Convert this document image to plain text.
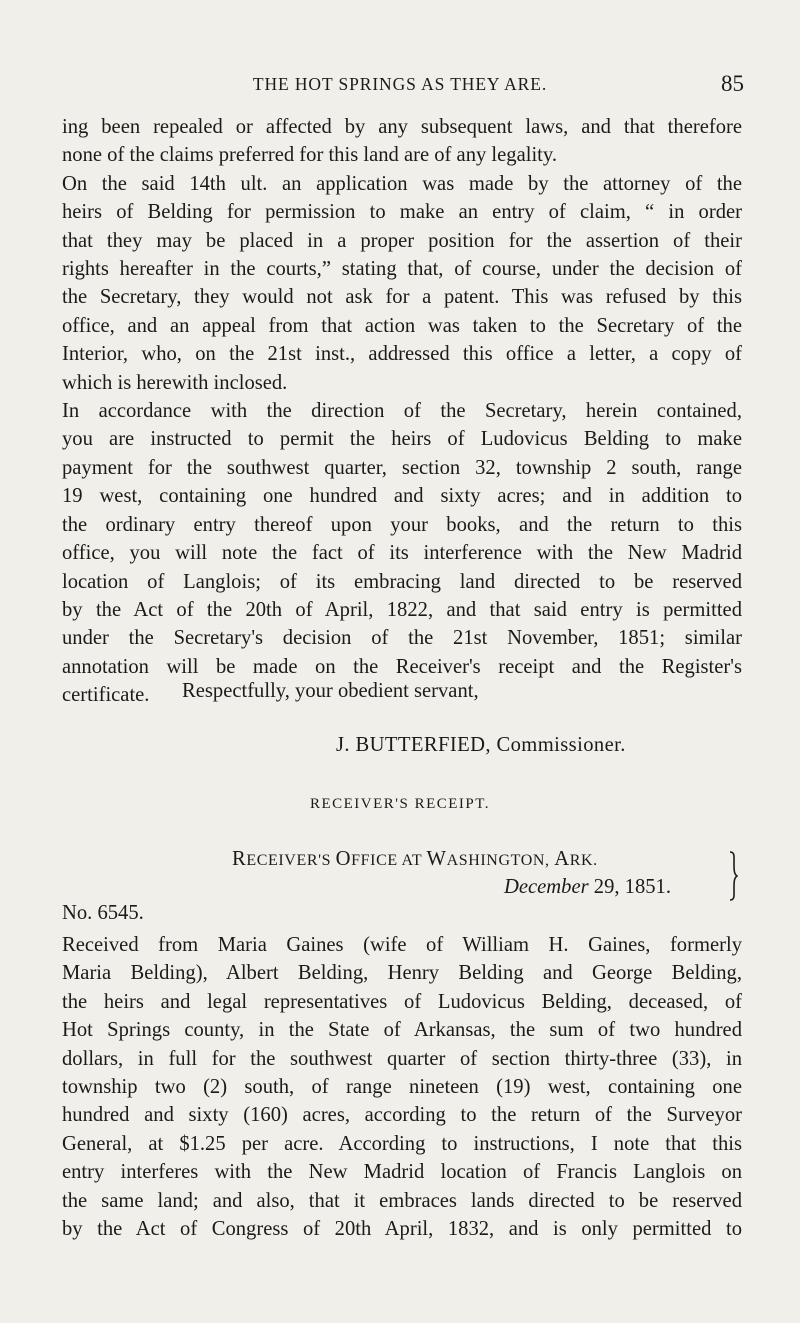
THE HOT SPRINGS AS THEY ARE.	85
ing been repealed or affected by any subsequent laws, and that therefore
none of the claims preferred for this land are of any legality.
On the said 14th ult. an application was made by the attorney of the
heirs of Belding for permission to make an entry of claim, “ in order
that they may be placed in a proper position for the assertion of their
rights hereafter in the courts,” stating that, of course, under the decision of
the Secretary, they would not ask for a patent. This was refused by this
office, and an appeal from that action was taken to the Secretary of the
Interior, who, on the 21st inst., addressed this office a letter, a copy of
which is herewith inclosed.
In accordance with the direction of the Secretary, herein contained,
you are instructed to permit the heirs of Ludovicus Belding to make
payment for the southwest quarter, section 32, township 2 south, range
19 west, containing one hundred and sixty acres; and in addition to
the ordinary entry thereof upon your books, and the return to this
office, you will note the fact of its interference with the New Madrid
location of Langlois; of its embracing land directed to be reserved
by the Act of the 20th of April, 1822, and that said entry is permitted
under the Secretary's decision of the 21st November, 1851; similar
annotation will be made on the Receiver's receipt and the Register's
certificate.	Respectfully, your obedient servant,
J. BUTTERFIED, Commissioner.
RECEIVER'S RECEIPT.
RECEIVER'S OFFICE AT WASHINGTON, ARK.
December 29, 1851.
No. 6545.
Received from Maria Gaines (wife of William H. Gaines, formerly
Maria Belding), Albert Belding, Henry Belding and George Belding,
the heirs and legal representatives of Ludovicus Belding, deceased, of
Hot Springs county, in the State of Arkansas, the sum of two hundred
dollars, in full for the southwest quarter of section thirty-three (33), in
township two (2) south, of range nineteen (19) west, containing one
hundred and sixty (160) acres, according to the return of the Surveyor
General, at $1.25 per acre. According to instructions, I note that this
entry interferes with the New Madrid location of Francis Langlois on
the same land; and also, that it embraces lands directed to be reserved
by the Act of Congress of 20th April, 1832, and is only permitted to
